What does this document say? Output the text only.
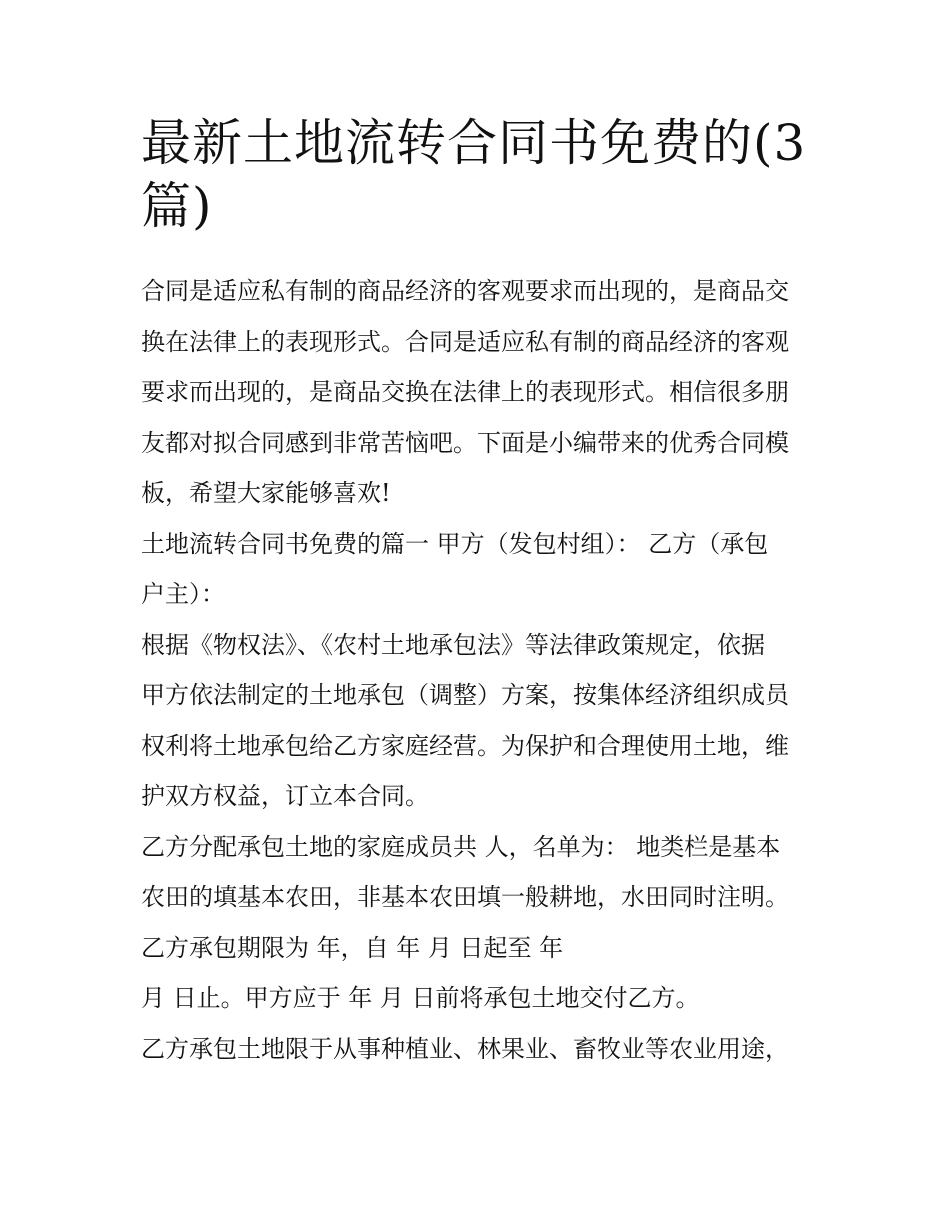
最新土地流转合同书免费的(3
篇)

合同是适应私有制的商品经济的客观要求而出现的，是商品交
换在法律上的表现形式。合同是适应私有制的商品经济的客观
要求而出现的，是商品交换在法律上的表现形式。相信很多朋
友都对拟合同感到非常苦恼吧。下面是小编带来的优秀合同模
板，希望大家能够喜欢!

土地流转合同书免费的篇一 甲方（发包村组）： 乙方（承包
户主）：

根据《物权法》、《农村土地承包法》等法律政策规定，依据
甲方依法制定的土地承包（调整）方案，按集体经济组织成员
权利将土地承包给乙方家庭经营。为保护和合理使用土地，维
护双方权益，订立本合同。

乙方分配承包土地的家庭成员共 人，名单为： 地类栏是基本
农田的填基本农田，非基本农田填一般耕地，水田同时注明。
乙方承包期限为 年，自 年 月 日起至 年

月 日止。甲方应于 年 月 日前将承包土地交付乙方。

乙方承包土地限于从事种植业、林果业、畜牧业等农业用途，
